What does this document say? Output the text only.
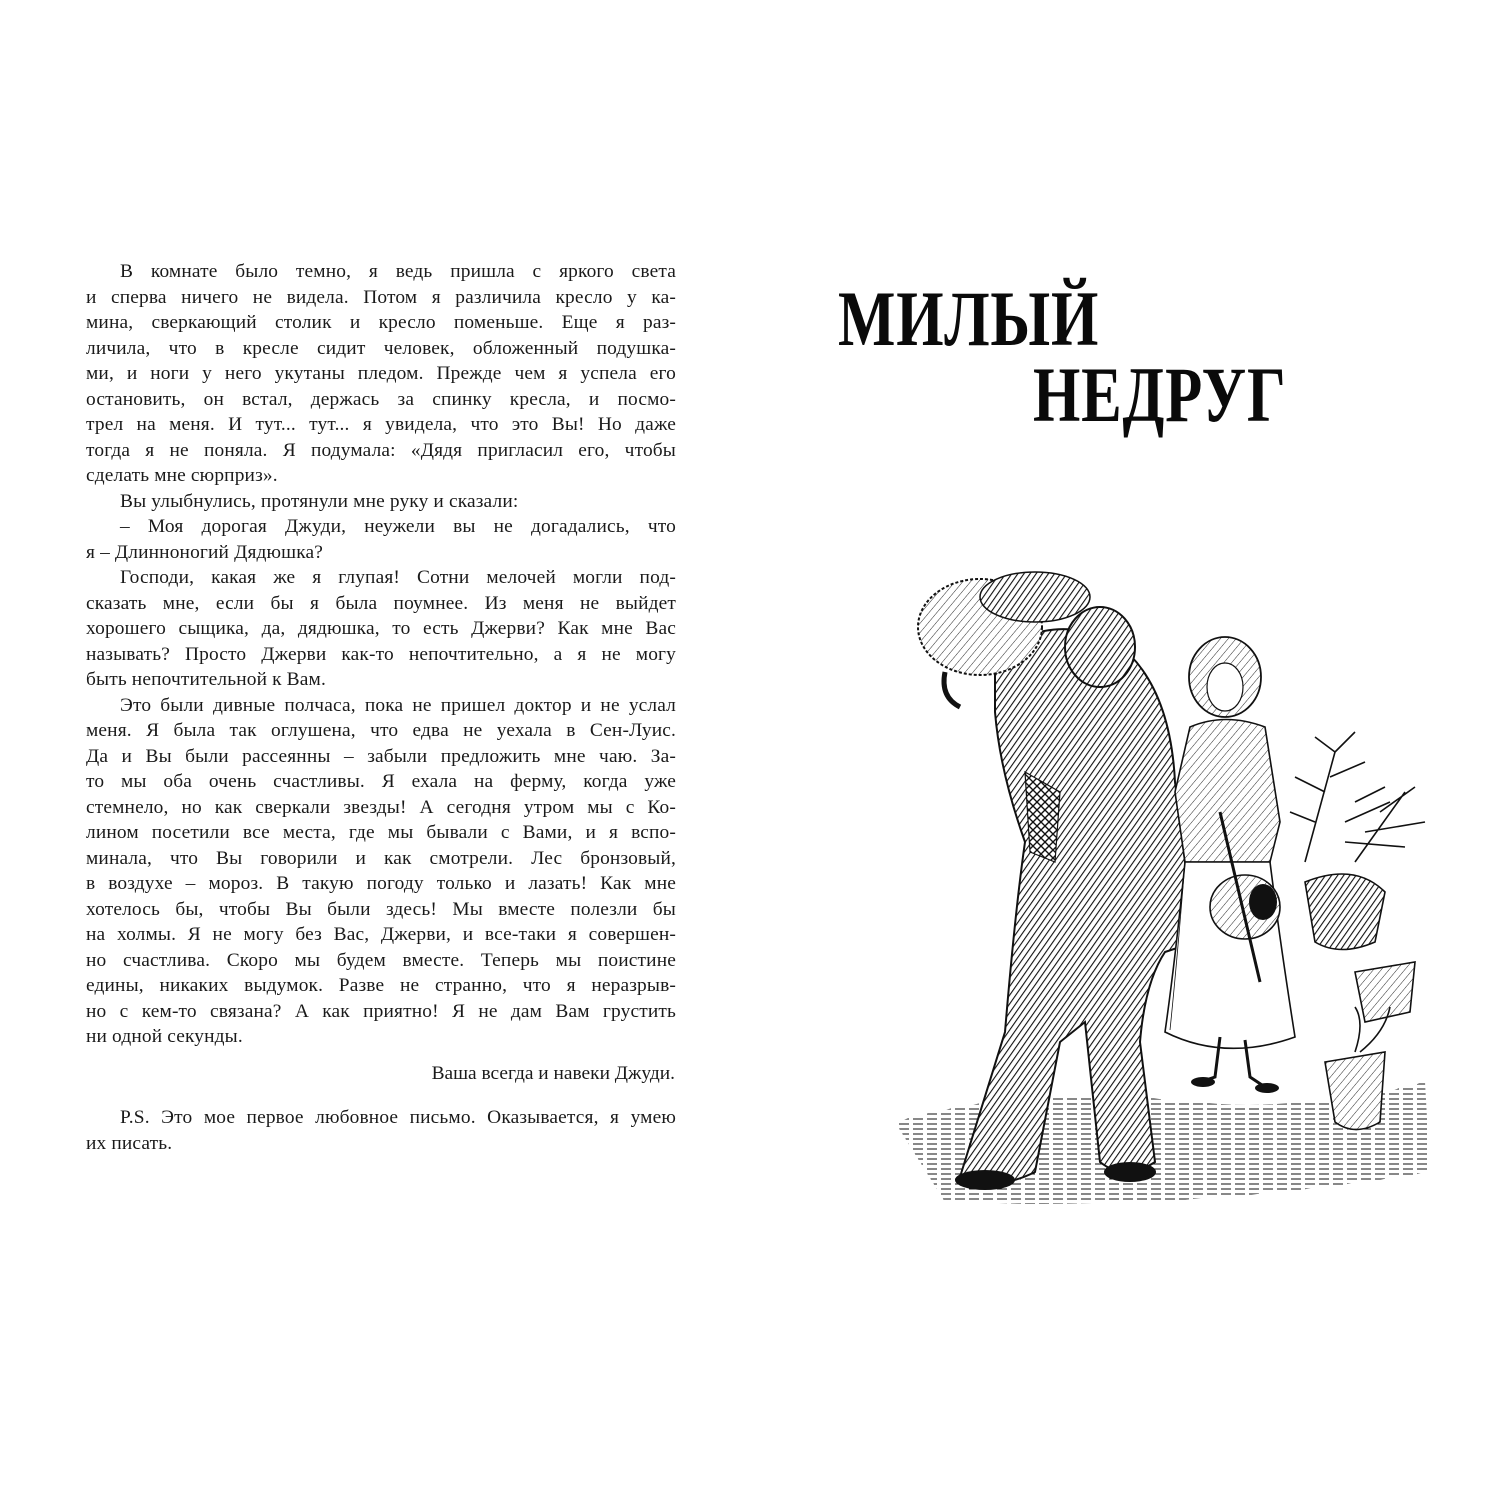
В комнате было темно, я ведь пришла с яркого света
и сперва ничего не видела. Потом я различила кресло у ка-
мина, сверкающий столик и кресло поменьше. Еще я раз-
личила, что в кресле сидит человек, обложенный подушка-
ми, и ноги у него укутаны пледом. Прежде чем я успела его
остановить, он встал, держась за спинку кресла, и посмо-
трел на меня. И тут... тут... я увидела, что это Вы! Но даже
тогда я не поняла. Я подумала: «Дядя пригласил его, чтобы
сделать мне сюрприз».
Вы улыбнулись, протянули мне руку и сказали:
– Моя дорогая Джуди, неужели вы не догадались, что
я – Длинноногий Дядюшка?
Господи, какая же я глупая! Сотни мелочей могли под-
сказать мне, если бы я была поумнее. Из меня не выйдет
хорошего сыщика, да, дядюшка, то есть Джерви? Как мне Вас
называть? Просто Джерви как-то непочтительно, а я не могу
быть непочтительной к Вам.
Это были дивные полчаса, пока не пришел доктор и не услал
меня. Я была так оглушена, что едва не уехала в Сен-Луис.
Да и Вы были рассеянны – забыли предложить мне чаю. За-
то мы оба очень счастливы. Я ехала на ферму, когда уже
стемнело, но как сверкали звезды! А сегодня утром мы с Ко-
лином посетили все места, где мы бывали с Вами, и я вспо-
минала, что Вы говорили и как смотрели. Лес бронзовый,
в воздухе – мороз. В такую погоду только и лазать! Как мне
хотелось бы, чтобы Вы были здесь! Мы вместе полезли бы
на холмы. Я не могу без Вас, Джерви, и все-таки я совершен-
но счастлива. Скоро мы будем вместе. Теперь мы поистине
едины, никаких выдумок. Разве не странно, что я неразрыв-
но с кем-то связана? А как приятно! Я не дам Вам грустить
ни одной секунды.
Ваша всегда и навеки Джуди.
P.S. Это мое первое любовное письмо. Оказывается, я умею
их писать.
МИЛЫЙ
НЕДРУГ
